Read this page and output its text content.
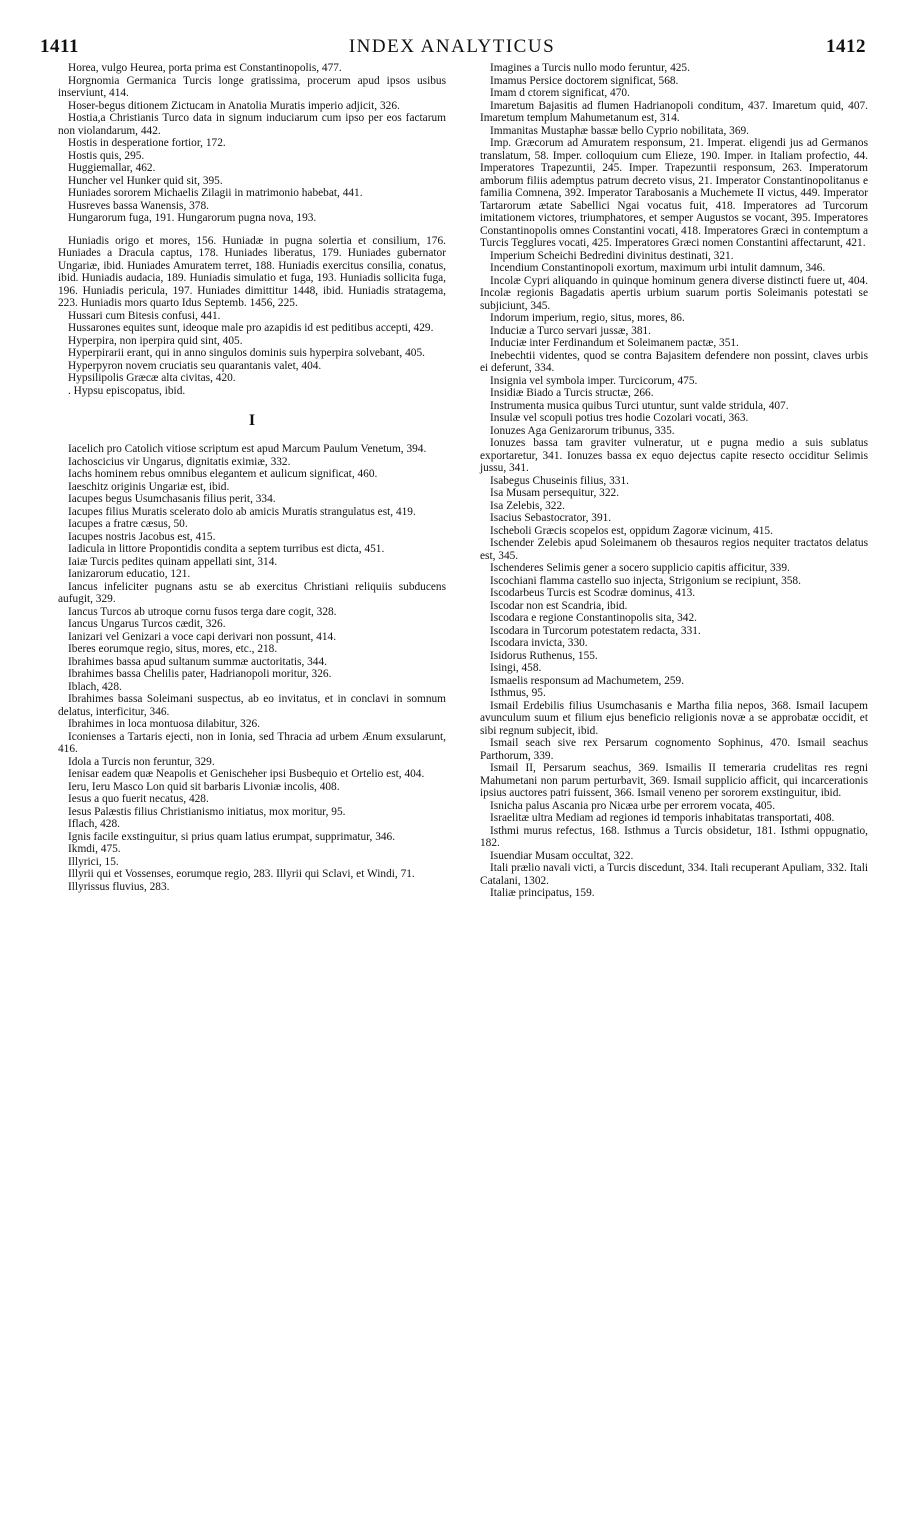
1411	INDEX ANALYTICUS	1412

Horea, vulgo Heurea, porta prima est Constantinopolis, 477.

Horgnomia Germanica Turcis longe gratissima, procerum apud ipsos usibus inserviunt, 414.

Hoser-begus ditionem Zictucam in Anatolia Muratis imperio adjicit, 326.

Hostia,a Christianis Turco data in signum induciarum cum ipso per eos factarum non violandarum, 442.

Hostis in desperatione fortior, 172.

Hostis quis, 295.

Huggiemallar, 462.

Huncher vel Hunker quid sit, 395.

Huniades sororem Michaelis Zilagii in matrimonio habebat, 441.

Husreves bassa Wanensis, 378.

Hungarorum fuga, 191. Hungarorum pugna nova, 193.

Huniadis origo et mores, 156. Huniadæ in pugna solertia et consilium, 176. Huniades a Dracula captus, 178. Huniades liberatus, 179. Huniades gubernator Ungariæ, ibid. Huniades Amuratem terret, 188. Huniadis exercitus consilia, conatus, ibid. Huniadis audacia, 189. Huniadis simulatio et fuga, 193. Huniadis sollicita fuga, 196. Huniadis pericula, 197. Huniades dimittitur 1448, ibid. Huniadis stratagema, 223. Huniadis mors quarto Idus Septemb. 1456, 225.

Hussari cum Bitesis confusi, 441.

Hussarones equites sunt, ideoque male pro azapidis id est peditibus accepti, 429.

Hyperpira, non iperpira quid sint, 405.

Hyperpirarii erant, qui in anno singulos dominis suis hyperpira solvebant, 405.

Hyperpyron novem cruciatis seu quarantanis valet, 404.

Hypsilipolis Græcæ alta civitas, 420.

. Hypsu episcopatus, ibid.

I

Iacelich pro Catolich vitiose scriptum est apud Marcum Paulum Venetum, 394.

Iachoscicius vir Ungarus, dignitatis eximiæ, 332.

Iachs hominem rebus omnibus elegantem et aulicum significat, 460.

Iaeschitz originis Ungariæ est, ibid.

Iacupes begus Usumchasanis filius perit, 334.

Iacupes filius Muratis scelerato dolo ab amicis Muratis strangulatus est, 419.

Iacupes a fratre cæsus, 50.

Iacupes nostris Jacobus est, 415.

Iadicula in littore Propontidis condita a septem turribus est dicta, 451.

Iaiæ Turcis pedites quinam appellati sint, 314.

Ianizarorum educatio, 121.

Iancus infeliciter pugnans astu se ab exercitus Christiani reliquiis subducens aufugit, 329.

Iancus Turcos ab utroque cornu fusos terga dare cogit, 328.

Iancus Ungarus Turcos cædit, 326.

Ianizari vel Genizari a voce capi derivari non possunt, 414.

Iberes eorumque regio, situs, mores, etc., 218.

Ibrahimes bassa apud sultanum summæ auctoritatis, 344.

Ibrahimes bassa Chelilis pater, Hadrianopoli moritur, 326.

Iblach, 428.

Ibrahimes bassa Soleimani suspectus, ab eo invitatus, et in conclavi in somnum delatus, interficitur, 346.

Ibrahimes in loca montuosa dilabitur, 326.

Iconienses a Tartaris ejecti, non in Ionia, sed Thracia ad urbem Ænum exsularunt, 416.

Idola a Turcis non feruntur, 329.

Ienisar eadem quæ Neapolis et Genischeher ipsi Busbequio et Ortelio est, 404.

Ieru, Ieru Masco Lon quid sit barbaris Livoniæ incolis, 408.

Iesus a quo fuerit necatus, 428.

Iesus Palæstis filius Christianismo initiatus, mox moritur, 95.

Iflach, 428.

Ignis facile exstinguitur, si prius quam latius erumpat, supprimatur, 346.

Ikmdi, 475.

Illyrici, 15.

Illyrii qui et Vossenses, eorumque regio, 283. Illyrii qui Sclavi, et Windi, 71.

Illyrissus fluvius, 283.

Imagines a Turcis nullo modo feruntur, 425.

Imamus Persice doctorem significat, 568.

Imam d ctorem significat, 470.

Imaretum Bajasitis ad flumen Hadrianopoli conditum, 437. Imaretum quid, 407. Imaretum templum Mahumetanum est, 314.

Immanitas Mustaphæ bassæ bello Cyprio nobilitata, 369.

Imp. Græcorum ad Amuratem responsum, 21. Imperat. eligendi jus ad Germanos translatum, 58. Imper. colloquium cum Elieze, 190. Imper. in Italiam profectio, 44. Imperatores Trapezuntii, 245. Imper. Trapezuntii responsum, 263. Imperatorum amborum filiis ademptus patrum decreto visus, 21. Imperator Constantinopolitanus e familia Comnena, 392. Imperator Tarabosanis a Muchemete II victus, 449. Imperator Tartarorum ætate Sabellici Ngai vocatus fuit, 418. Imperatores ad Turcorum imitationem victores, triumphatores, et semper Augustos se vocant, 395. Imperatores Constantinopolis omnes Constantini vocati, 418. Imperatores Græci in contemptum a Turcis Tegglures vocati, 425. Imperatores Græci nomen Constantini affectarunt, 421.

Imperium Scheichi Bedredini divinitus destinati, 321.

Incendium Constantinopoli exortum, maximum urbi intulit damnum, 346.

Incolæ Cypri aliquando in quinque hominum genera diverse distincti fuere ut, 404. Incolæ regionis Bagadatis apertis urbium suarum portis Soleimanis potestati se subjiciunt, 345.

Indorum imperium, regio, situs, mores, 86.

Induciæ a Turco servari jussæ, 381.

Induciæ inter Ferdinandum et Soleimanem pactæ, 351.

Inebechtii videntes, quod se contra Bajasitem defendere non possint, claves urbis ei deferunt, 334.

Insignia vel symbola imper. Turcicorum, 475.

Insidiæ Biado a Turcis structæ, 266.

Instrumenta musica quibus Turci utuntur, sunt valde stridula, 407.

Insulæ vel scopuli potius tres hodie Cozolari vocati, 363.

Ionuzes Aga Genizarorum tribunus, 335.

Ionuzes bassa tam graviter vulneratur, ut e pugna medio a suis sublatus exportaretur, 341. Ionuzes bassa ex equo dejectus capite resecto occiditur Selimis jussu, 341.

Isabegus Chuseinis filius, 331.

Isa Musam persequitur, 322.

Isa Zelebis, 322.

Isacius Sebastocrator, 391.

Ischeboli Græcis scopelos est, oppidum Zagoræ vicinum, 415.

Ischender Zelebis apud Soleimanem ob thesauros regios nequiter tractatos delatus est, 345.

Ischenderes Selimis gener a socero supplicio capitis afficitur, 339.

Iscochiani flamma castello suo injecta, Strigonium se recipiunt, 358.

Iscodarbeus Turcis est Scodræ dominus, 413.

Iscodar non est Scandria, ibid.

Iscodara e regione Constantinopolis sita, 342.

Iscodara in Turcorum potestatem redacta, 331.

Iscodara invicta, 330.

Isidorus Ruthenus, 155.

Isingi, 458.

Ismaelis responsum ad Machumetem, 259.

Isthmus, 95.

Ismail Erdebilis filius Usumchasanis e Martha filia nepos, 368. Ismail Iacupem avunculum suum et filium ejus beneficio religionis novæ a se approbatæ occidit, et sibi regnum subjecit, ibid.

Ismail seach sive rex Persarum cognomento Sophinus, 470. Ismail seachus Parthorum, 339.

Ismail II, Persarum seachus, 369. Ismailis II temeraria crudelitas res regni Mahumetani non parum perturbavit, 369. Ismail supplicio afficit, qui incarcerationis ipsius auctores patri fuissent, 366. Ismail veneno per sororem exstinguitur, ibid.

Isnicha palus Ascania pro Nicæa urbe per errorem vocata, 405.

Israelitæ ultra Mediam ad regiones id temporis inhabitatas transportati, 408.

Isthmi murus refectus, 168. Isthmus a Turcis obsidetur, 181. Isthmi oppugnatio, 182.

Isuendiar Musam occultat, 322.

Itali prælio navali victi, a Turcis discedunt, 334. Itali recuperant Apuliam, 332. Itali Catalani, 1302.

Italiæ principatus, 159.
